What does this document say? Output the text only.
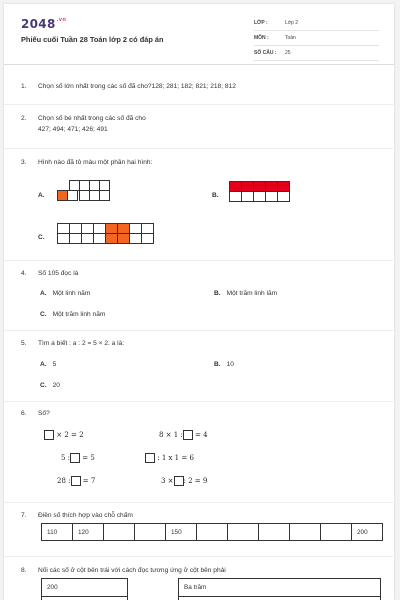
$2048^{.vn}$
Phiếu cuối Tuần 28 Toán lớp 2 có đáp án
LỚP :	Lớp 2
MÔN :	Toán
SỐ CÂU : 25
1.	Chọn số lớn nhất trong các số đã cho?128; 281; 182; 821; 218; 812
2.	Chọn số bé nhất trong các số đã cho
427; 494; 471; 426; 491
3.	Hình nào đã tô màu một phần hai hình:
A.	B.
C.
4.	Số 105 đọc là
A. Một linh năm	B. Một trăm linh lăm
C. Một trăm linh năm
5.	Tìm a biết : a : 2 = 5 × 2. a là:
A. 5	B. 10
C. 20
6.	Số?
× 2 = 2	8 × 1 : = 4
5 : = 5	: 1 x 1 = 6
28 : = 7	3 × : 2 = 9
7.	Điền số thích hợp vào chỗ chấm
110	120			150						200
8.	Nối các số ở cột bên trái với cách đọc tương ứng ở cột bên phải
200	Ba trăm
